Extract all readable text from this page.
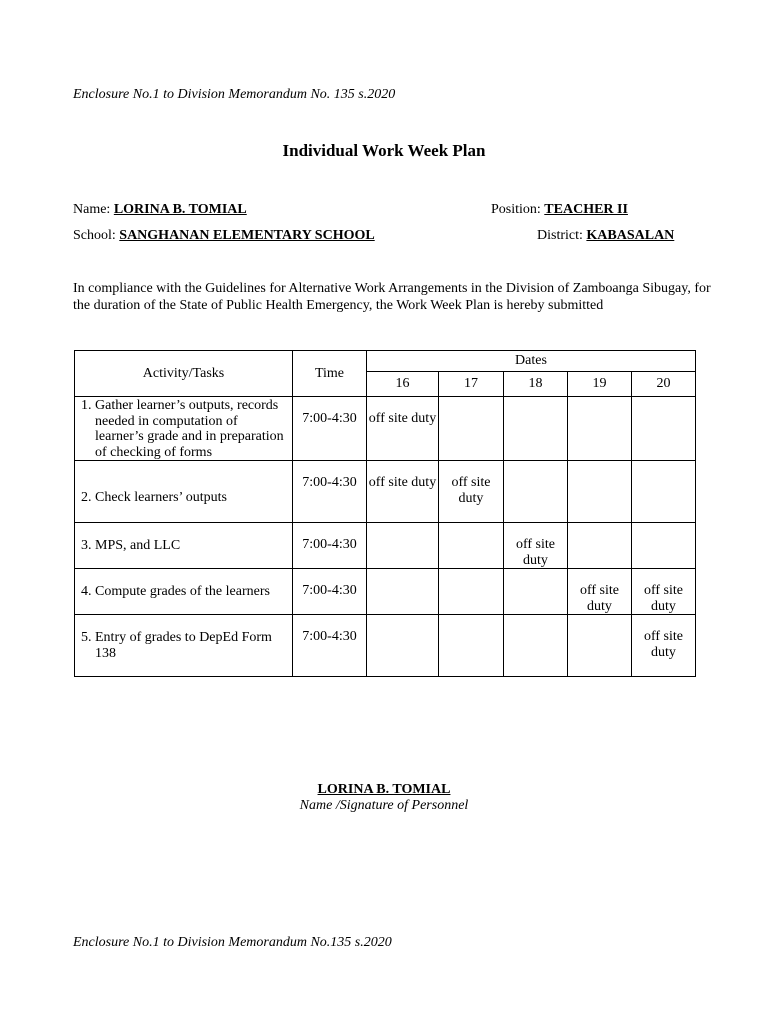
Enclosure No.1 to Division Memorandum No. 135 s.2020
Individual Work Week Plan
Name: LORINA B. TOMIAL	Position: TEACHER II
School: SANGHANAN ELEMENTARY SCHOOL	District: KABASALAN
In compliance with the Guidelines for Alternative Work Arrangements in the Division of Zamboanga Sibugay, for the duration of the State of Public Health Emergency, the Work Week Plan is hereby submitted
Activity/Tasks	Time	Dates				
		16	17	18	19	20

1. Gather learner’s outputs, records needed in computation of learner’s grade and in preparation of checking of forms	7:00-4:30	off site duty				

2. Check learners’ outputs	7:00-4:30	off site duty	off site duty			

3. MPS, and LLC	7:00-4:30			off site duty		

4. Compute grades of the learners	7:00-4:30				off site duty	off site duty

5. Entry of grades to DepEd Form 138	7:00-4:30					off site duty
LORINA B. TOMIAL
Name /Signature of Personnel
Enclosure No.1 to Division Memorandum No.135 s.2020
